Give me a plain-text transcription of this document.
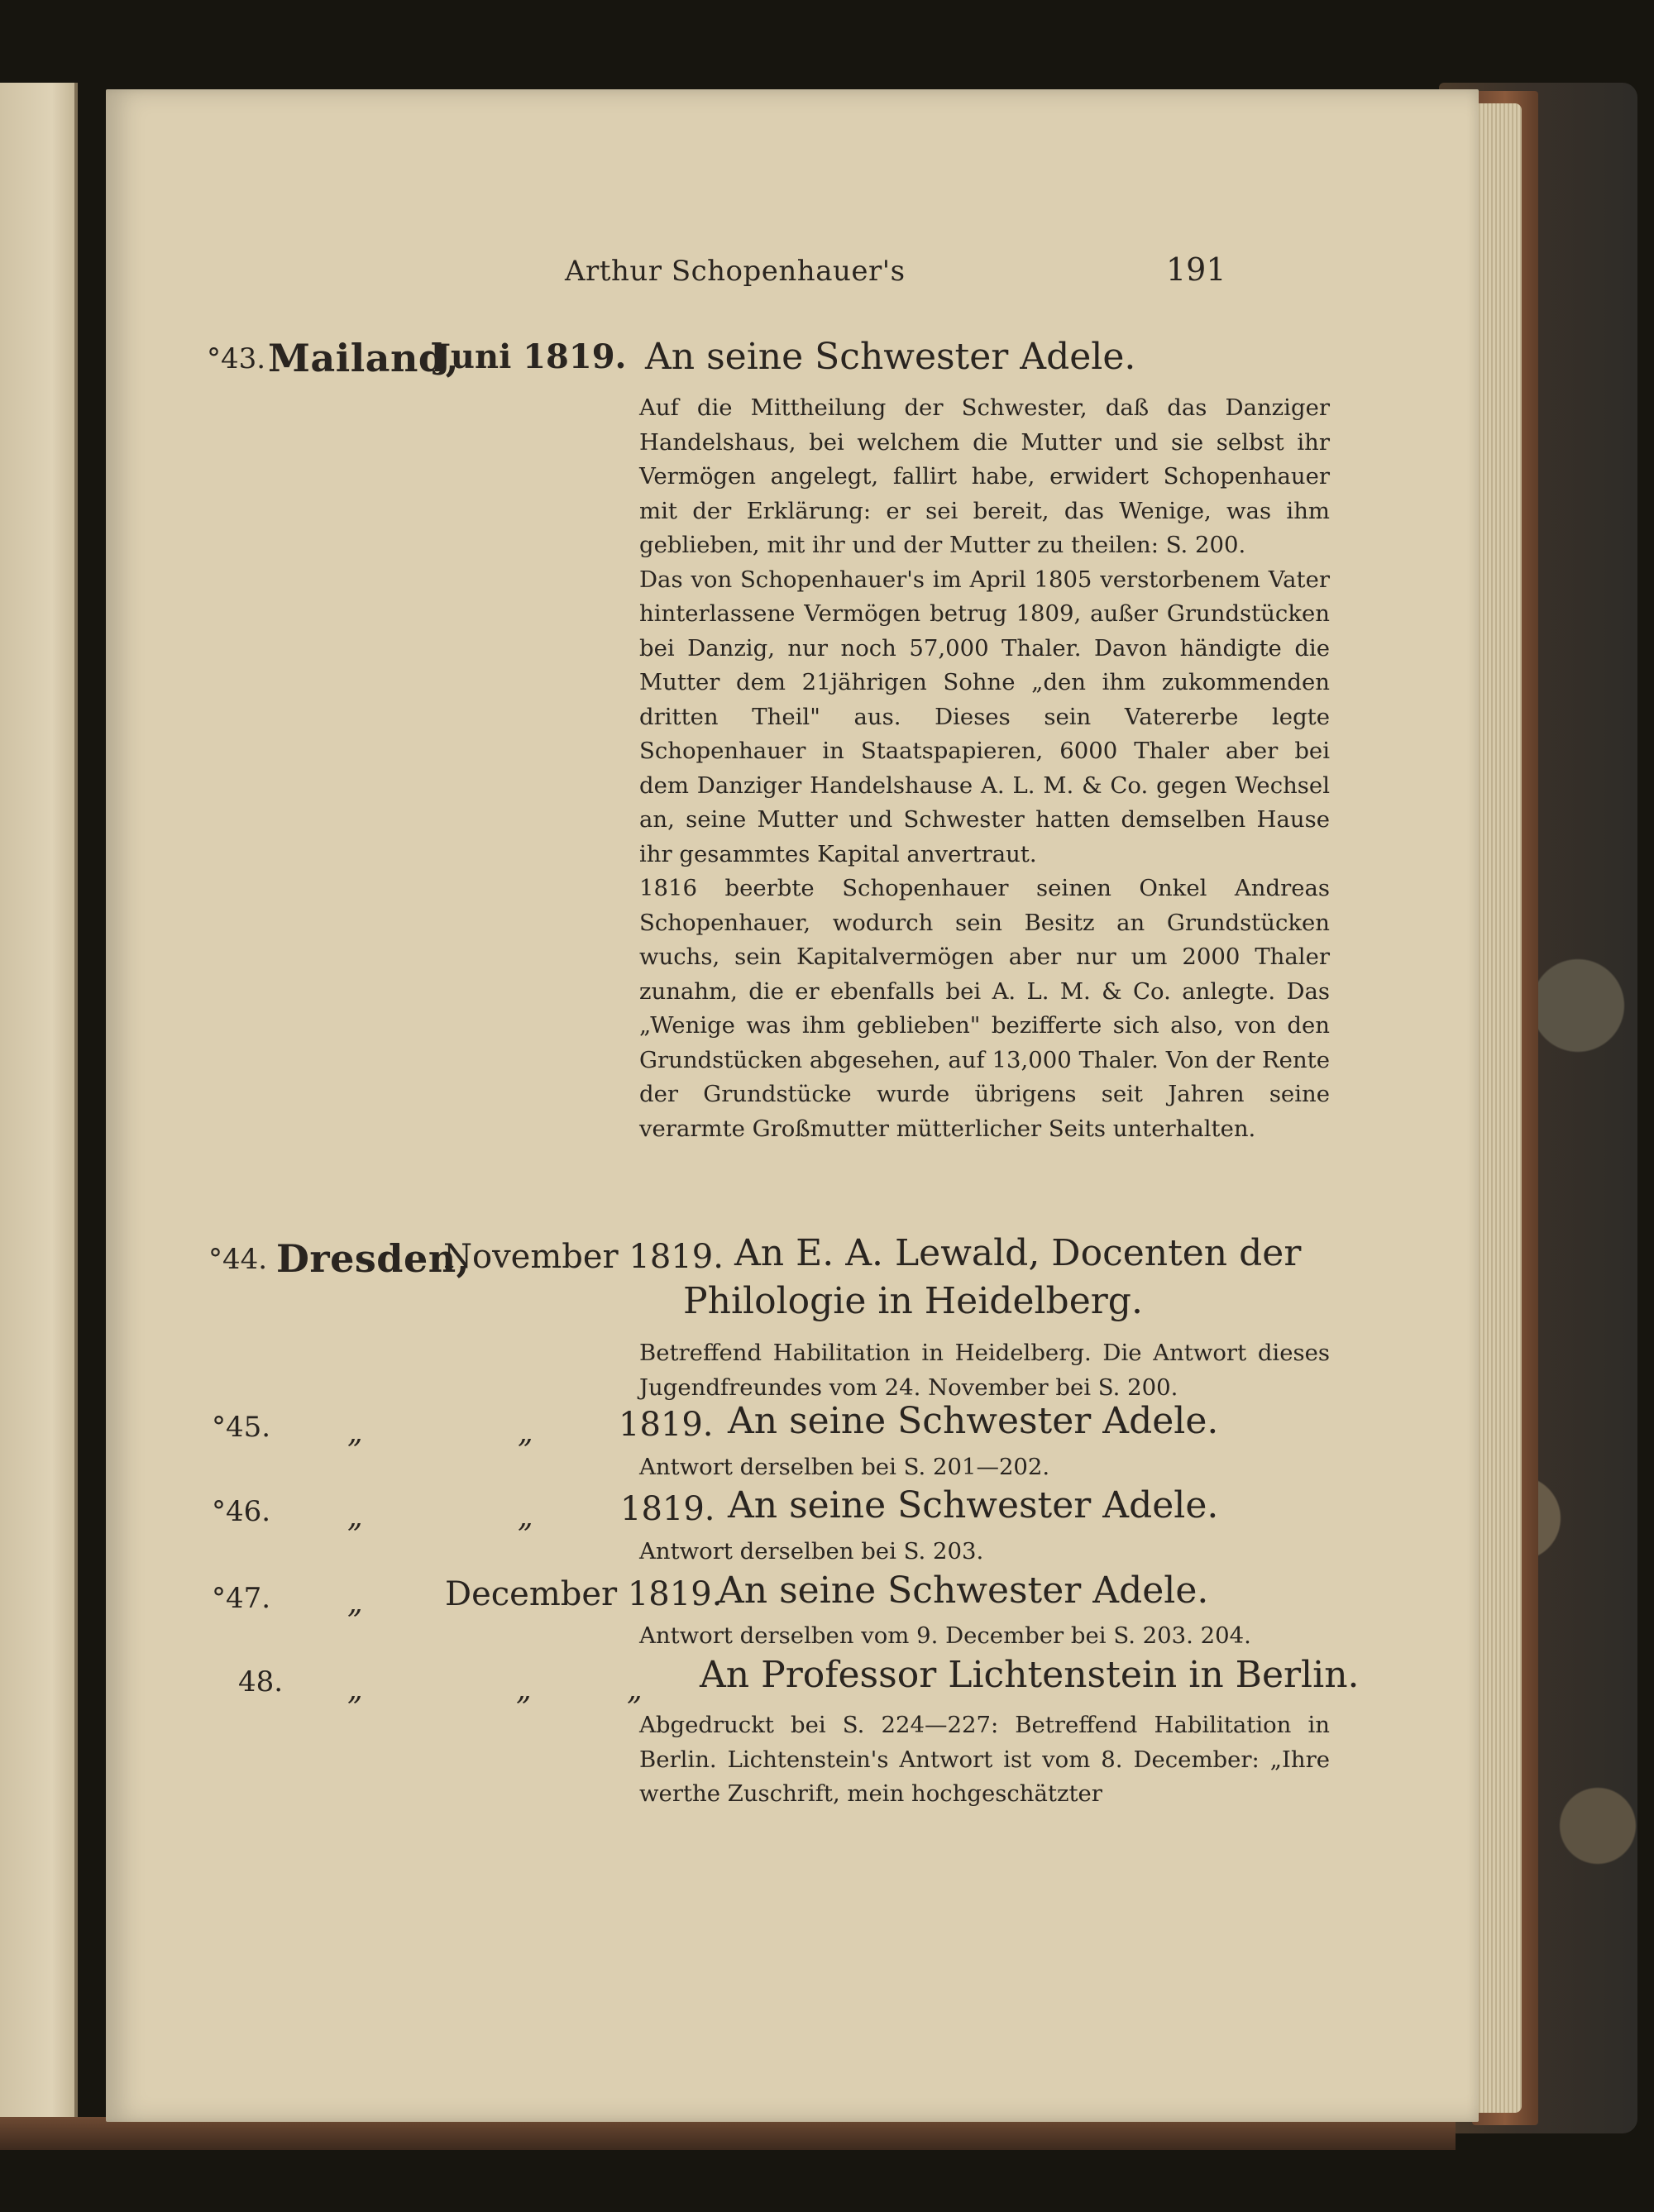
Arthur Schopenhauer's	191
°43. Mailand,
Juni 1819. An seine Schwester Adele.

Auf die Mittheilung der Schwester, daß das Danziger Handelshaus, bei welchem die Mutter und sie selbst ihr Vermögen angelegt, fallirt habe, erwidert Schopenhauer mit der Erklärung: er sei bereit, das Wenige, was ihm geblieben, mit ihr und der Mutter zu theilen: S. 200.

Das von Schopenhauer's im April 1805 verstorbenem Vater hinterlassene Vermögen betrug 1809, außer Grundstücken bei Danzig, nur noch 57,000 Thaler. Davon händigte die Mutter dem 21jährigen Sohne „den ihm zukommenden dritten Theil" aus. Dieses sein Vatererbe legte Schopenhauer in Staatspapieren, 6000 Thaler aber bei dem Danziger Handelshause A. L. M. & Co. gegen Wechsel an, seine Mutter und Schwester hatten demselben Hause ihr gesammtes Kapital anvertraut.

1816 beerbte Schopenhauer seinen Onkel Andreas Schopenhauer, wodurch sein Besitz an Grundstücken wuchs, sein Kapitalvermögen aber nur um 2000 Thaler zunahm, die er ebenfalls bei A. L. M. & Co. anlegte. Das „Wenige was ihm geblieben" bezifferte sich also, von den Grundstücken abgesehen, auf 13,000 Thaler. Von der Rente der Grundstücke wurde übrigens seit Jahren seine verarmte Großmutter mütterlicher Seits unterhalten.

°44. Dresden,
November 1819. An E. A. Lewald, Docenten der
Philologie in Heidelberg.

Betreffend Habilitation in Heidelberg. Die Antwort dieses Jugendfreundes vom 24. November bei S. 200.

°45.	„	„	1819. An seine Schwester Adele.

Antwort derselben bei S. 201—202.

°46.	„	„	1819. An seine Schwester Adele.

Antwort derselben bei S. 203.

°47.	„ December 1819.
An seine Schwester Adele.

Antwort derselben vom 9. December bei S. 203. 204.

48. „	„	„ An Professor Lichtenstein in Berlin.

Abgedruckt bei S. 224—227: Betreffend Habilitation in Berlin. Lichtenstein's Antwort ist vom 8. December: „Ihre werthe Zuschrift, mein hochgeschätzter
